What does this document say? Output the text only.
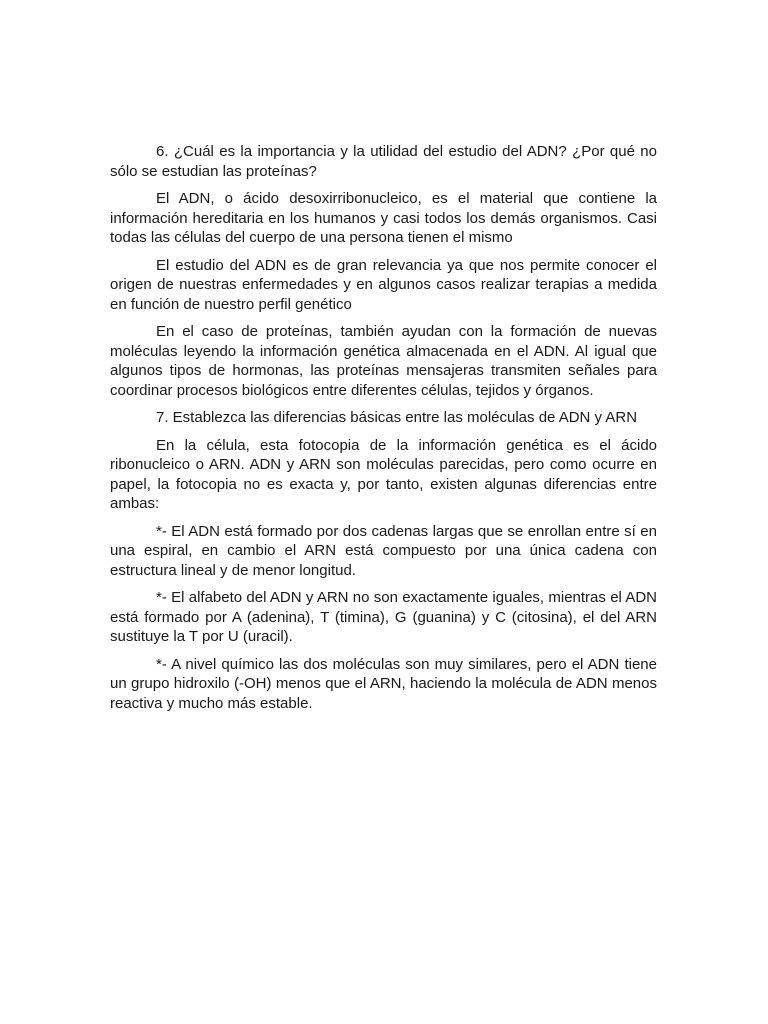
6. ¿Cuál es la importancia y la utilidad del estudio del ADN? ¿Por qué no sólo se estudian las proteínas?

El ADN, o ácido desoxirribonucleico, es el material que contiene la información hereditaria en los humanos y casi todos los demás organismos. Casi todas las células del cuerpo de una persona tienen el mismo

El estudio del ADN es de gran relevancia ya que nos permite conocer el origen de nuestras enfermedades y en algunos casos realizar terapias a medida en función de nuestro perfil genético

En el caso de proteínas, también ayudan con la formación de nuevas moléculas leyendo la información genética almacenada en el ADN. Al igual que algunos tipos de hormonas, las proteínas mensajeras transmiten señales para coordinar procesos biológicos entre diferentes células, tejidos y órganos.

7. Establezca las diferencias básicas entre las moléculas de ADN y ARN

En la célula, esta fotocopia de la información genética es el ácido ribonucleico o ARN. ADN y ARN son moléculas parecidas, pero como ocurre en papel, la fotocopia no es exacta y, por tanto, existen algunas diferencias entre ambas:

*- El ADN está formado por dos cadenas largas que se enrollan entre sí en una espiral, en cambio el ARN está compuesto por una única cadena con estructura lineal y de menor longitud.

*- El alfabeto del ADN y ARN no son exactamente iguales, mientras el ADN está formado por A (adenina), T (timina), G (guanina) y C (citosina), el del ARN sustituye la T por U (uracil).

*- A nivel químico las dos moléculas son muy similares, pero el ADN tiene un grupo hidroxilo (-OH) menos que el ARN, haciendo la molécula de ADN menos reactiva y mucho más estable.
